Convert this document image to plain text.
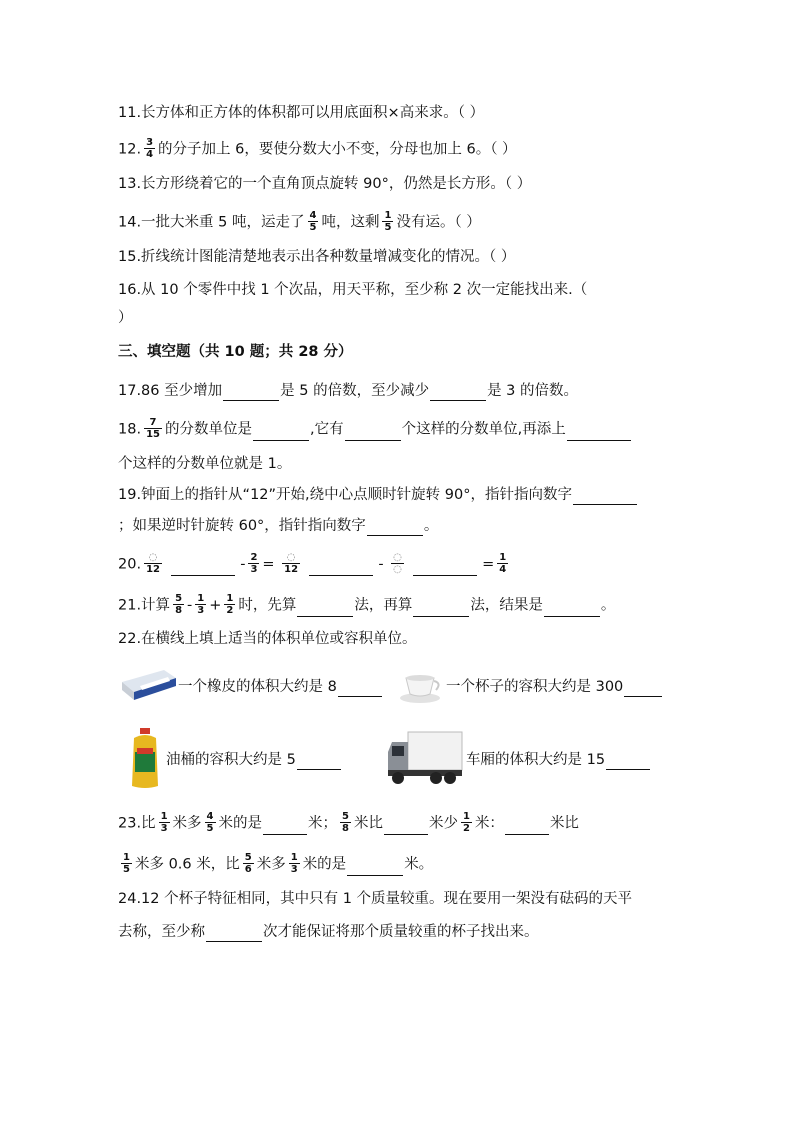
11.长方体和正方体的体积都可以用底面积×高来求。（ ）
12. $\frac{3}{4}$ 的分子加上 6，要使分数大小不变，分母也加上 6。（ ）
13.长方形绕着它的一个直角顶点旋转 90°，仍然是长方形。（ ）
14.一批大米重 5 吨，运走了 $\frac{4}{5}$ 吨，这剩 $\frac{1}{5}$ 没有运。（ ）
15.折线统计图能清楚地表示出各种数量增减变化的情况。（ ）
16.从 10 个零件中找 1 个次品，用天平称，至少称 2 次一定能找出来.（
）
三、填空题（共 10 题；共 28 分）
17.86 至少增加	是 5 的倍数，至少减少	是 3 的倍数。
18. $\frac{7}{15}$ 的分数单位是	,它有	个这样的分数单位,再添上
个这样的分数单位就是 1。
19.钟面上的指针从“12”开始,绕中心点顺时针旋转 90°，指针指向数字
；如果逆时针旋转 60°，指针指向数字	。
20. $\frac{◌}{12}$	- $\frac{2}{3} = \frac{◌}{12}$	- $\frac{◌}{◌}$	= $\frac{1}{4}$
21.计算 $\frac{5}{8} - \frac{1}{3} + \frac{1}{2}$ 时，先算	法，再算	法，结果是	。
22.在横线上填上适当的体积单位或容积单位。
一个橡皮的体积大约是 8	一个杯子的容积大约是 300
油桶的容积大约是 5	车厢的体积大约是 15
23.比 $\frac{1}{3}$ 米多 $\frac{4}{5}$ 米的是	米； $\frac{5}{8}$ 米比	米少 $\frac{1}{2}$ 米：	米比
$\frac{1}{5}$ 米多 0.6 米，比 $\frac{5}{6}$ 米多 $\frac{1}{3}$ 米的是	米。
24.12 个杯子特征相同，其中只有 1 个质量较重。现在要用一架没有砝码的天平
去称，至少称	次才能保证将那个质量较重的杯子找出来。
